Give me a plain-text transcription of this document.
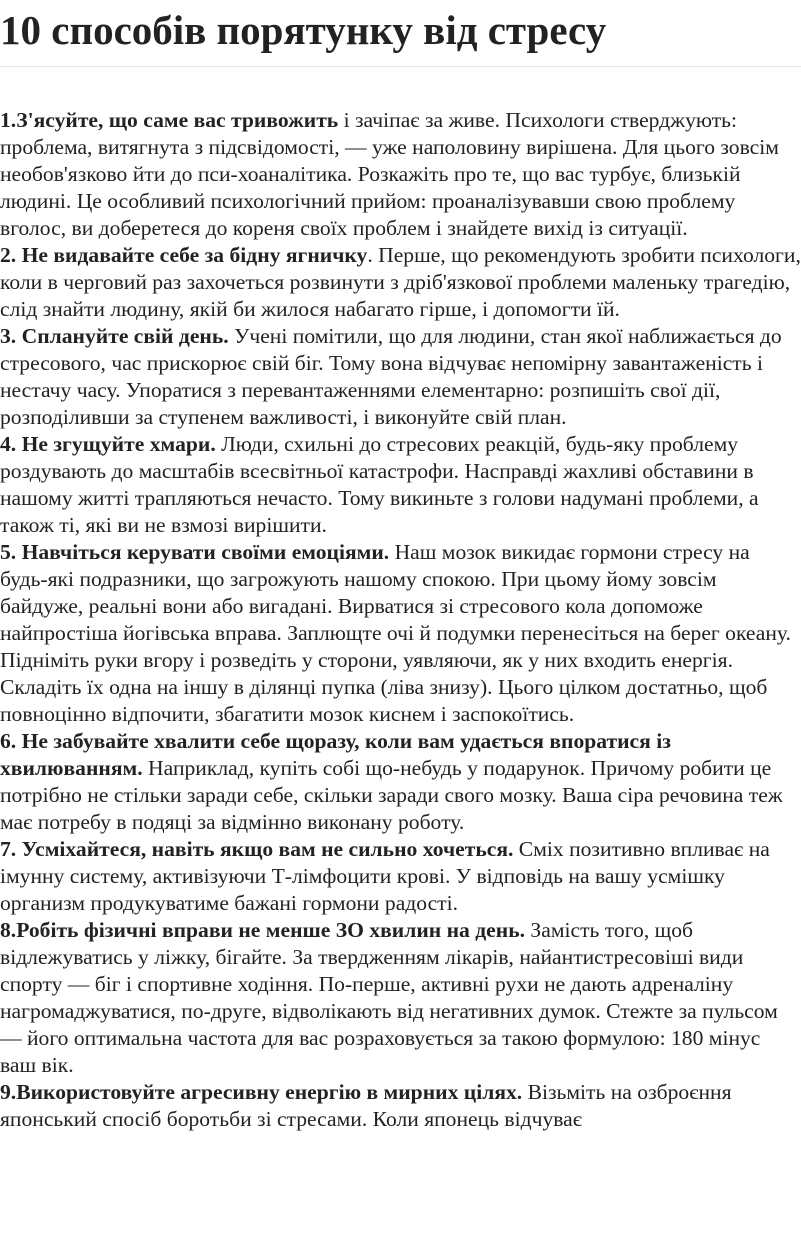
10 способів порятунку від стресу

1.З'ясуйте, що саме вас тривожить і зачіпає за живе. Психологи стверджують: проблема, витягнута з підсвідомості, — уже наполовину вирішена. Для цього зовсім необов'язково йти до пси-хоаналітика. Розкажіть про те, що вас турбує, близькій людині. Це особливий психологічний прийом: проаналізувавши свою проблему вголос, ви доберетеся до кореня своїх проблем і знайдете вихід із ситуації.

2. Не видавайте себе за бідну ягничку. Перше, що рекомендують зробити психологи, коли в черговий раз захочеться розвинути з дріб'язкової проблеми маленьку трагедію, слід знайти людину, якій би жилося набагато гірше, і допомогти їй.

3. Сплануйте свій день. Учені помітили, що для людини, стан якої наближається до стресового, час прискорює свій біг. Тому вона відчуває непомірну завантаженість і нестачу часу. Упоратися з перевантаженнями елементарно: розпишіть свої дії, розподіливши за ступенем важливості, і виконуйте свій план.

4. Не згущуйте хмари. Люди, схильні до стресових реакцій, будь-яку проблему роздувають до масштабів всесвітньої катастрофи. Насправді жахливі обставини в нашому житті трапляються нечасто. Тому викиньте з голови надумані проблеми, а також ті, які ви не взмозі вирішити.

5. Навчіться керувати своїми емоціями. Наш мозок викидає гормони стресу на будь-які подразники, що загрожують нашому спокою. При цьому йому зовсім байдуже, реальні вони або вигадані. Вирватися зі стресового кола допоможе найпростіша йогівська вправа. Заплющте очі й подумки перенесіться на берег океану. Підніміть руки вгору і розведіть у сторони, уявляючи, як у них входить енергія. Складіть їх одна на іншу в ділянці пупка (ліва знизу). Цього цілком достатньо, щоб повноцінно відпочити, збагатити мозок киснем і заспокоїтись.

6. Не забувайте хвалити себе щоразу, коли вам удається впоратися із хвилюванням. Наприклад, купіть собі що-небудь у подарунок. Причому робити це потрібно не стільки заради себе, скільки заради свого мозку. Ваша сіра речовина теж має потребу в подяці за відмінно виконану роботу.

7. Усміхайтеся, навіть якщо вам не сильно хочеться. Сміх позитивно впливає на імунну систему, активізуючи Т-лімфоцити крові. У відповідь на вашу усмішку организм продукуватиме бажані гормони радості.

8.Робіть фізичні вправи не менше ЗО хвилин на день. Замість того, щоб відлежуватись у ліжку, бігайте. За твердженням лікарів, найантистресовіші види спорту — біг і спортивне ходіння. По-перше, активні рухи не дають адреналіну нагромаджуватися, по-друге, відволікають від негативних думок. Стежте за пульсом — його оптимальна частота для вас розраховується за такою формулою: 180 мінус ваш вік.

9.Використовуйте агресивну енергію в мирних цілях. Візьміть на озброєння японський спосіб боротьби зі стресами. Коли японець відчуває
